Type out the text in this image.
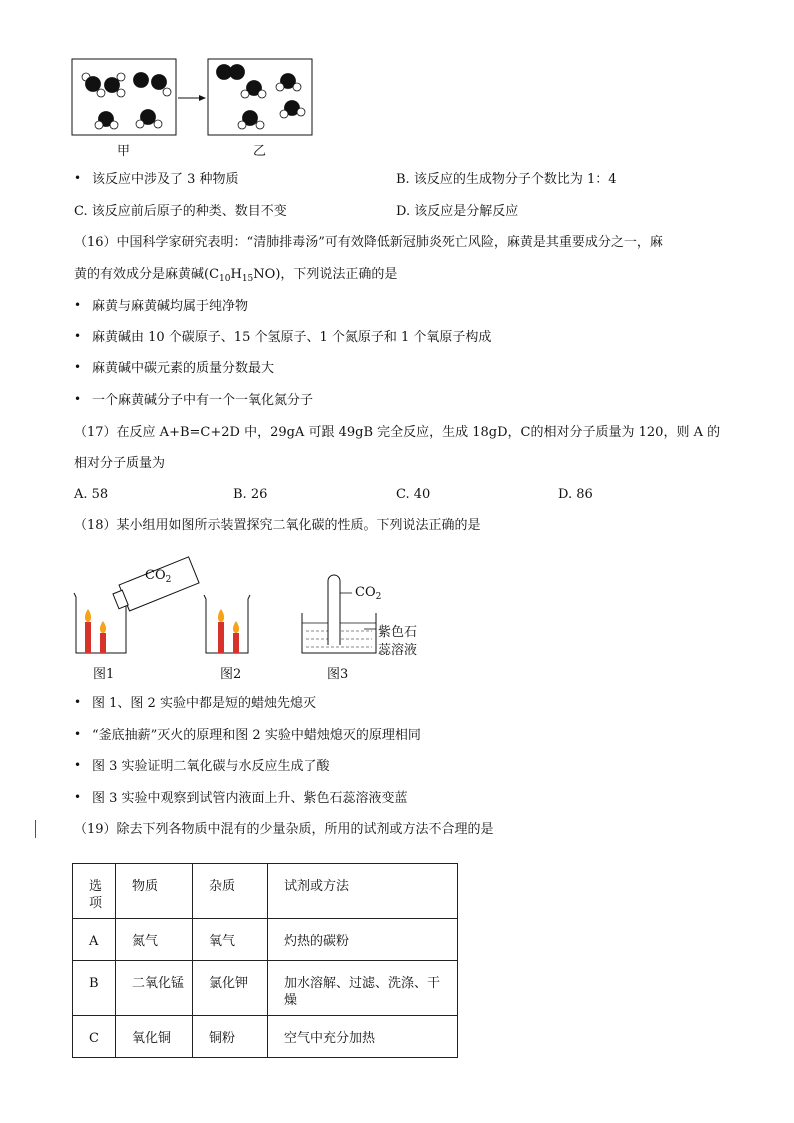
甲	乙
• 该反应中涉及了 3 种物质	B. 该反应的生成物分子个数比为 1：4
C. 该反应前后原子的种类、数目不变	D. 该反应是分解反应
（16）中国科学家研究表明：“清肺排毒汤”可有效降低新冠肺炎死亡风险，麻黄是其重要成分之一，麻
黄的有效成分是麻黄碱$(C_{10}H_{15}NO)$，下列说法正确的是
• 麻黄与麻黄碱均属于纯净物
• 麻黄碱由 10 个碳原子、15 个氢原子、1 个氮原子和 1 个氧原子构成
• 麻黄碱中碳元素的质量分数最大
• 一个麻黄碱分子中有一个一氧化氮分子
（17）在反应 A+B=C+2D 中，29gA 可跟 49gB 完全反应，生成 18gD，C的相对分子质量为 120，则 A 的
相对分子质量为
A. 58	B. 26	C. 40	D. 86
（18）某小组用如图所示装置探究二氧化碳的性质。下列说法正确的是
$CO_2$
$CO_2$
紫色石
蕊溶液
图1	图2	图3
• 图 1、图 2 实验中都是短的蜡烛先熄灭
• “釜底抽薪”灭火的原理和图 2 实验中蜡烛熄灭的原理相同
• 图 3 实验证明二氧化碳与水反应生成了酸
• 图 3 实验中观察到试管内液面上升、紫色石蕊溶液变蓝
（19）除去下列各物质中混有的少量杂质，所用的试剂或方法不合理的是
选项	物质	杂质	试剂或方法
A	氮气	氧气	灼热的碳粉
B	二氧化锰	氯化钾	加水溶解、过滤、洗涤、干燥
C	氧化铜	铜粉	空气中充分加热
